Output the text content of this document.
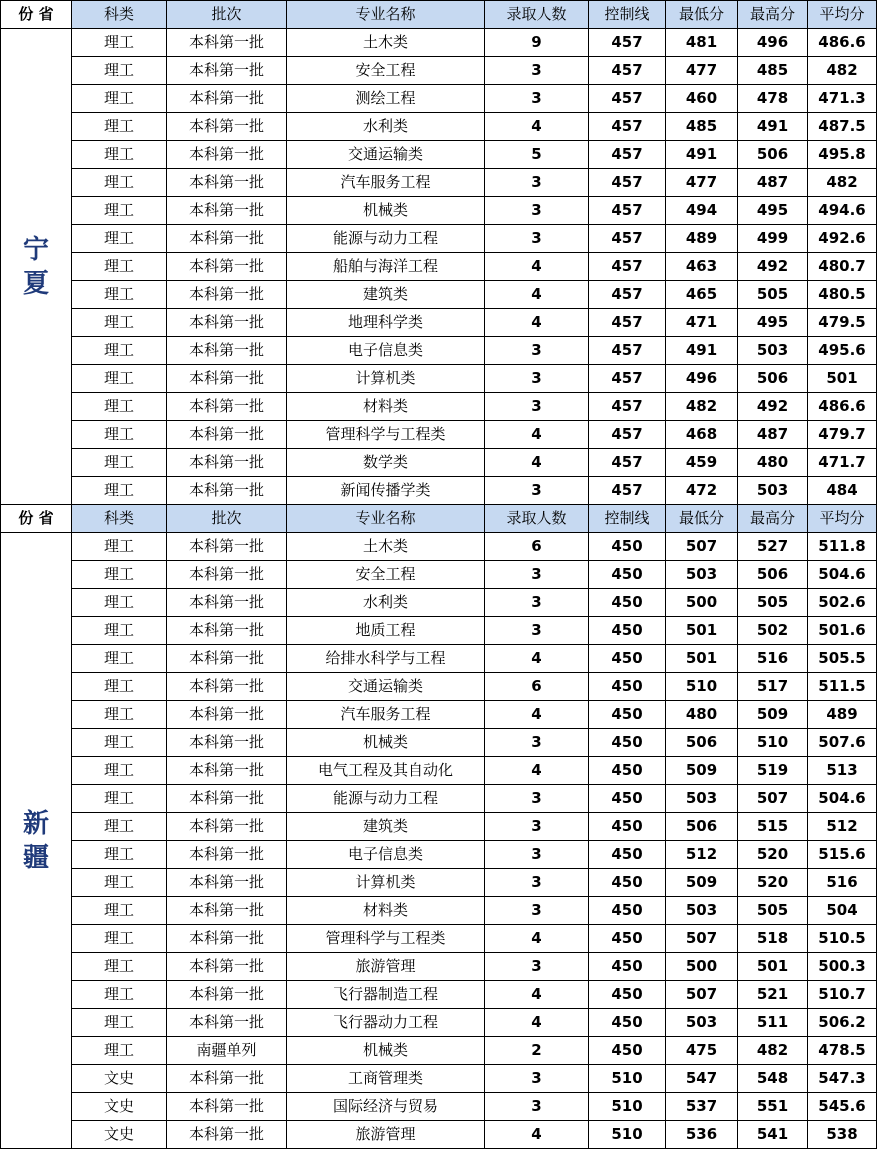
份 省	科类	批次	专业名称	录取人数	控制线	最低分	最高分	平均分

宁
夏	理工	本科第一批	土木类	9	457	481	496	486.6
	理工	本科第一批	安全工程	3	457	477	485	482
	理工	本科第一批	测绘工程	3	457	460	478	471.3
	理工	本科第一批	水利类	4	457	485	491	487.5
	理工	本科第一批	交通运输类	5	457	491	506	495.8
	理工	本科第一批	汽车服务工程	3	457	477	487	482
	理工	本科第一批	机械类	3	457	494	495	494.6
	理工	本科第一批	能源与动力工程	3	457	489	499	492.6
	理工	本科第一批	船舶与海洋工程	4	457	463	492	480.7
	理工	本科第一批	建筑类	4	457	465	505	480.5
	理工	本科第一批	地理科学类	4	457	471	495	479.5
	理工	本科第一批	电子信息类	3	457	491	503	495.6
	理工	本科第一批	计算机类	3	457	496	506	501
	理工	本科第一批	材料类	3	457	482	492	486.6
	理工	本科第一批	管理科学与工程类	4	457	468	487	479.7
	理工	本科第一批	数学类	4	457	459	480	471.7
	理工	本科第一批	新闻传播学类	3	457	472	503	484
份 省	科类	批次	专业名称	录取人数	控制线	最低分	最高分	平均分

新
疆	理工	本科第一批	土木类	6	450	507	527	511.8
	理工	本科第一批	安全工程	3	450	503	506	504.6
	理工	本科第一批	水利类	3	450	500	505	502.6
	理工	本科第一批	地质工程	3	450	501	502	501.6
	理工	本科第一批	给排水科学与工程	4	450	501	516	505.5
	理工	本科第一批	交通运输类	6	450	510	517	511.5
	理工	本科第一批	汽车服务工程	4	450	480	509	489
	理工	本科第一批	机械类	3	450	506	510	507.6
	理工	本科第一批	电气工程及其自动化	4	450	509	519	513
	理工	本科第一批	能源与动力工程	3	450	503	507	504.6
	理工	本科第一批	建筑类	3	450	506	515	512
	理工	本科第一批	电子信息类	3	450	512	520	515.6
	理工	本科第一批	计算机类	3	450	509	520	516
	理工	本科第一批	材料类	3	450	503	505	504
	理工	本科第一批	管理科学与工程类	4	450	507	518	510.5
	理工	本科第一批	旅游管理	3	450	500	501	500.3
	理工	本科第一批	飞行器制造工程	4	450	507	521	510.7
	理工	本科第一批	飞行器动力工程	4	450	503	511	506.2
	理工	南疆单列	机械类	2	450	475	482	478.5
	文史	本科第一批	工商管理类	3	510	547	548	547.3
	文史	本科第一批	国际经济与贸易	3	510	537	551	545.6
	文史	本科第一批	旅游管理	4	510	536	541	538
